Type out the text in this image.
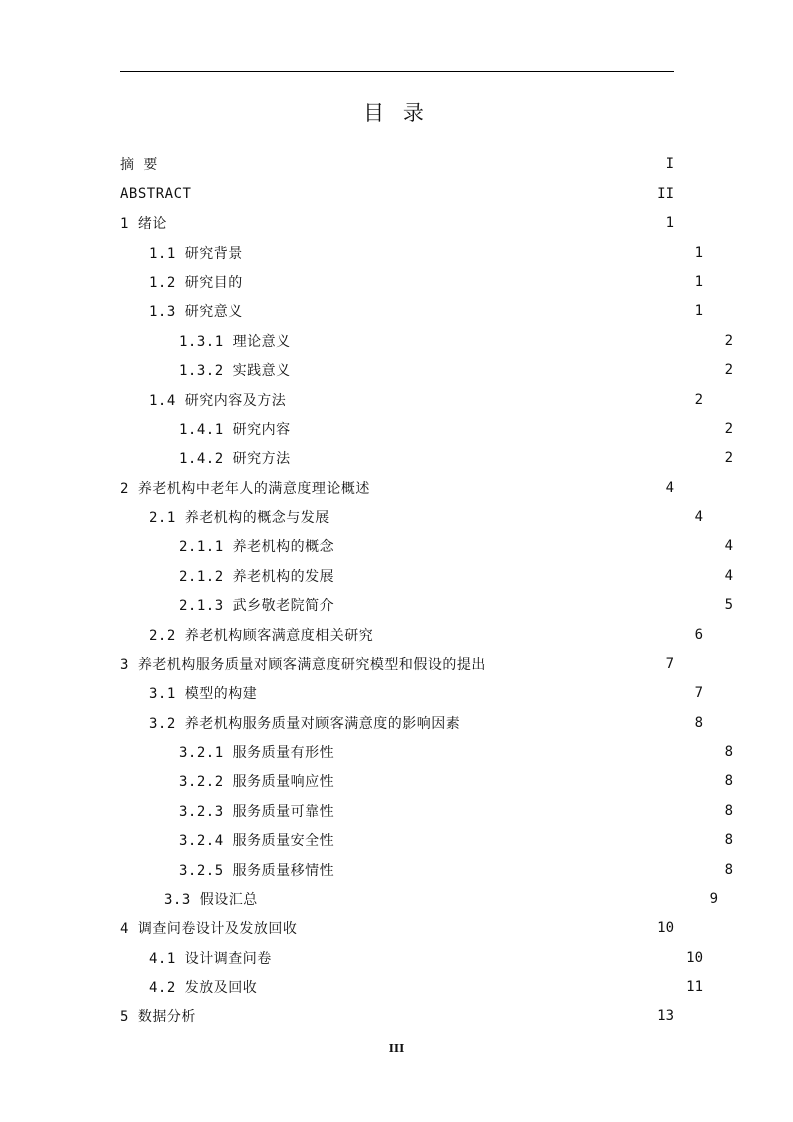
目 录
摘 要	I
ABSTRACT	II
1 绪论	1
1.1 研究背景	1
1.2 研究目的	1
1.3 研究意义	1
1.3.1 理论意义	2
1.3.2 实践意义	2
1.4 研究内容及方法	2
1.4.1 研究内容	2
1.4.2 研究方法	2
2 养老机构中老年人的满意度理论概述	4
2.1 养老机构的概念与发展	4
2.1.1 养老机构的概念	4
2.1.2 养老机构的发展	4
2.1.3 武乡敬老院简介	5
2.2 养老机构顾客满意度相关研究	6
3 养老机构服务质量对顾客满意度研究模型和假设的提出	7
3.1 模型的构建	7
3.2 养老机构服务质量对顾客满意度的影响因素	8
3.2.1 服务质量有形性	8
3.2.2 服务质量响应性	8
3.2.3 服务质量可靠性	8
3.2.4 服务质量安全性	8
3.2.5 服务质量移情性	8
3.3 假设汇总	9
4 调查问卷设计及发放回收	10
4.1 设计调查问卷	10
4.2 发放及回收	11
5 数据分析	13
III
